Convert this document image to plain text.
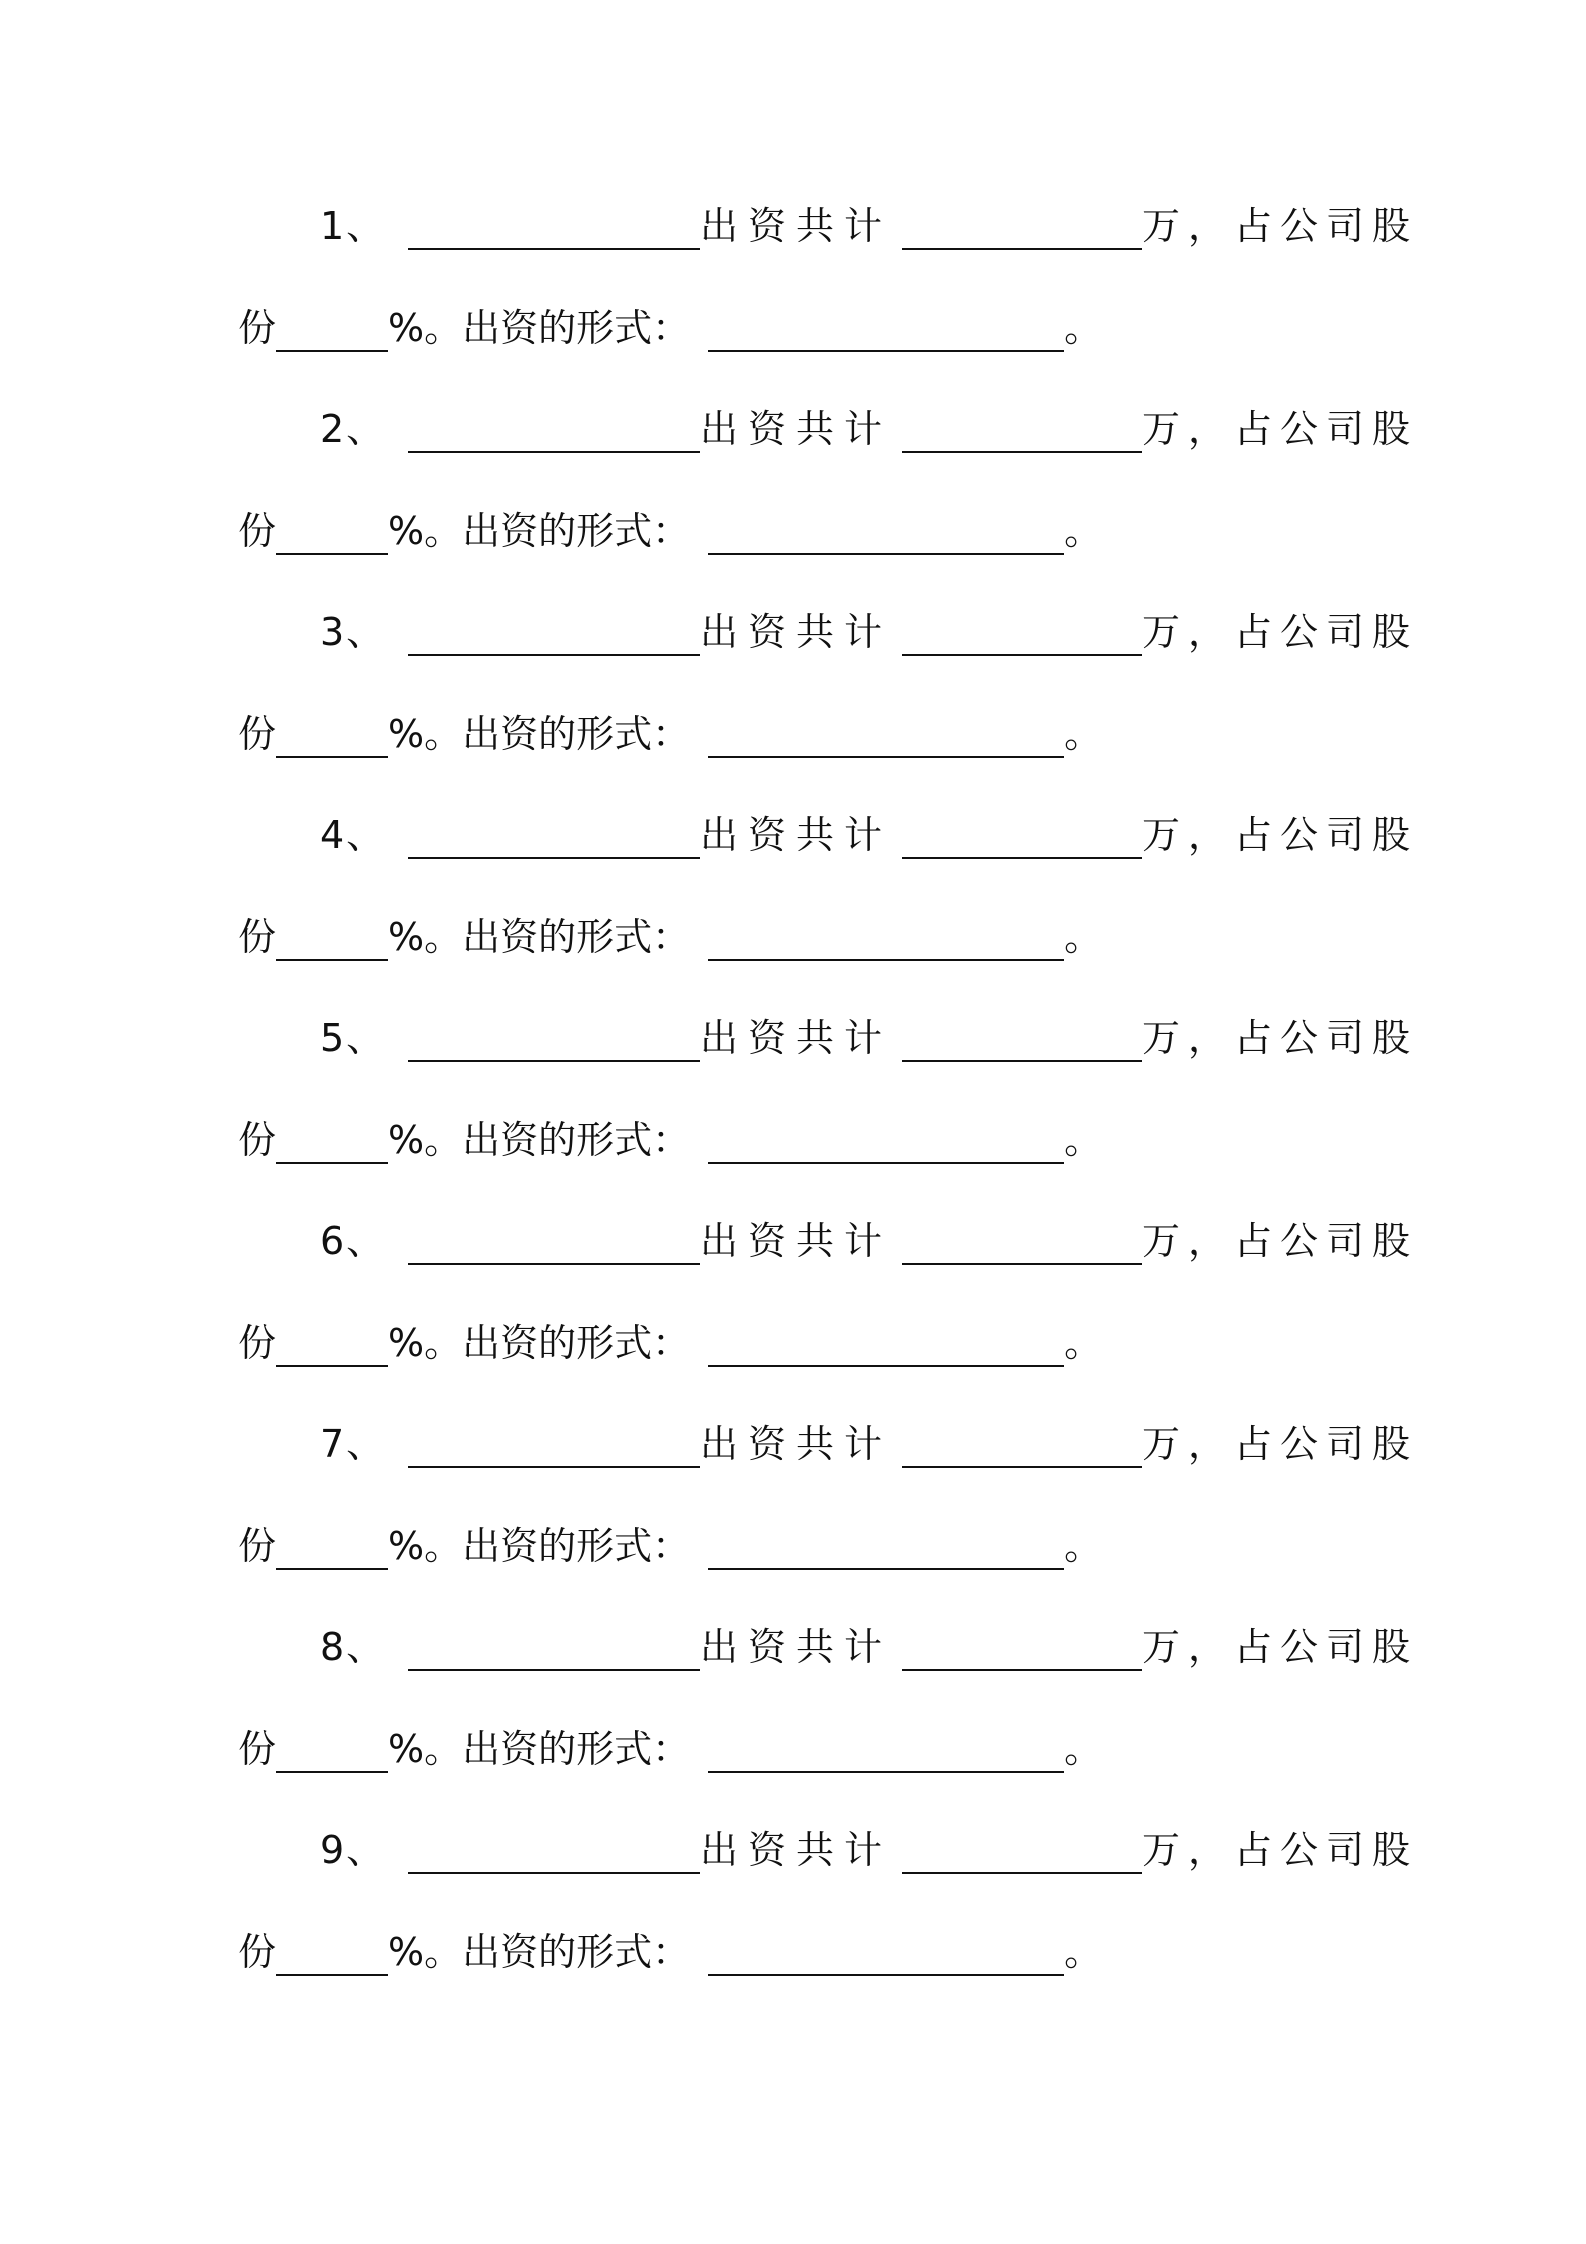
1、	出资共计	万，占公司股
份	%。出资的形式：	。
2、	出资共计	万，占公司股
份	%。出资的形式：	。
3、	出资共计	万，占公司股
份	%。出资的形式：	。
4、	出资共计	万，占公司股
份	%。出资的形式：	。
5、	出资共计	万，占公司股
份	%。出资的形式：	。
6、	出资共计	万，占公司股
份	%。出资的形式：	。
7、	出资共计	万，占公司股
份	%。出资的形式：	。
8、	出资共计	万，占公司股
份	%。出资的形式：	。
9、	出资共计	万，占公司股
份	%。出资的形式：	。
